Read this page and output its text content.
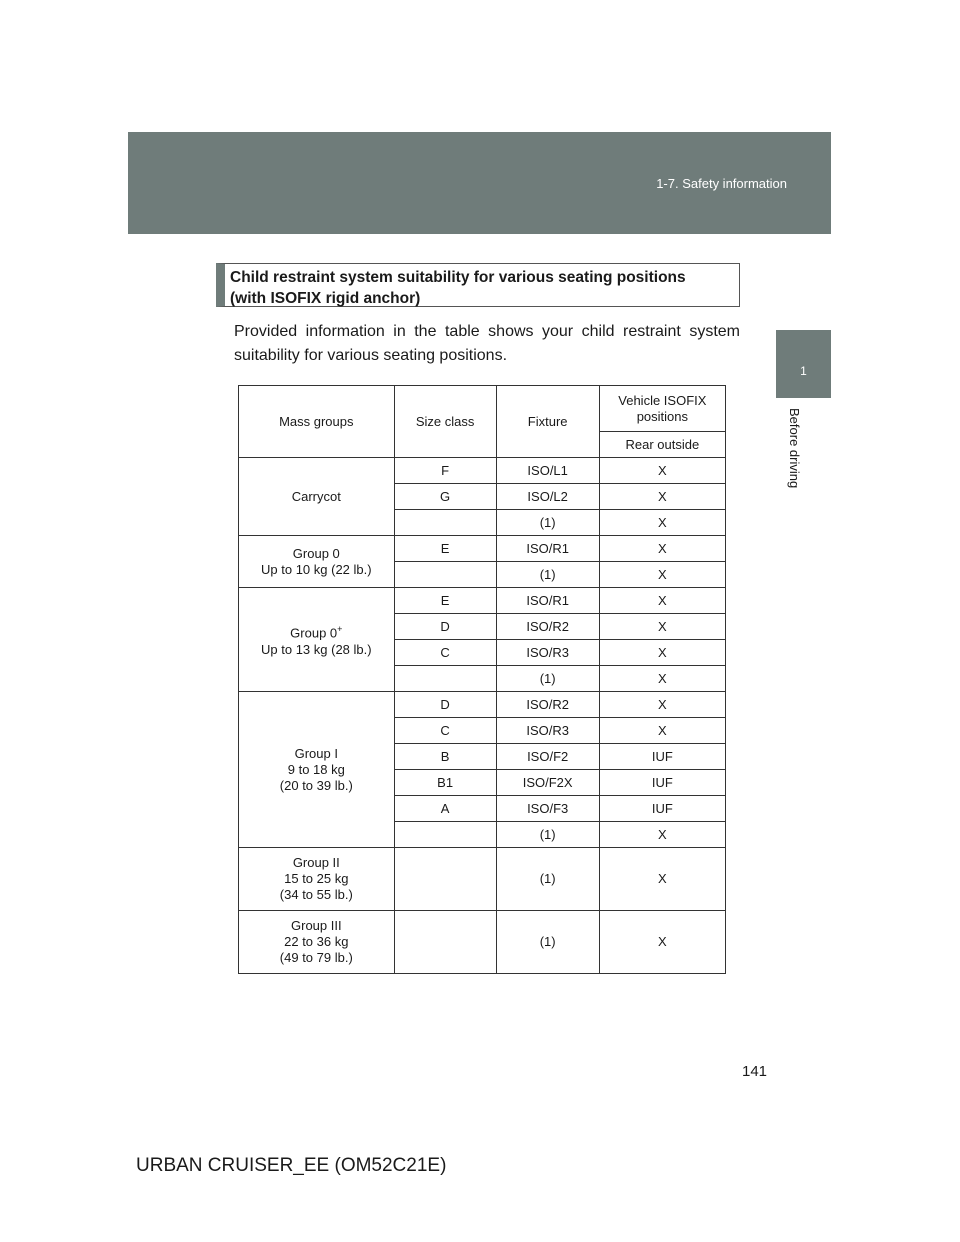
1-7. Safety information
1
Before driving
Child restraint system suitability for various seating positions
(with ISOFIX rigid anchor)
Provided information in the table shows your child restraint system suitability for various seating positions.
Mass groups	Size class	Fixture	Vehicle ISOFIX positions
			Rear outside
Carrycot	F	ISO/L1	X
	G	ISO/L2	X
		(1)	X

Group 0
Up to 10 kg (22 lb.)	E	ISO/R1	X
		(1)	X

Group 0+
Up to 13 kg (28 lb.)	E	ISO/R1	X
	D	ISO/R2	X
	C	ISO/R3	X
		(1)	X

Group I
9 to 18 kg
(20 to 39 lb.)	D	ISO/R2	X
	C	ISO/R3	X
	B	ISO/F2	IUF
	B1	ISO/F2X	IUF
	A	ISO/F3	IUF
		(1)	X

Group II
15 to 25 kg
(34 to 55 lb.)		(1)	X

Group III
22 to 36 kg
(49 to 79 lb.)		(1)	X
141
URBAN CRUISER_EE (OM52C21E)
